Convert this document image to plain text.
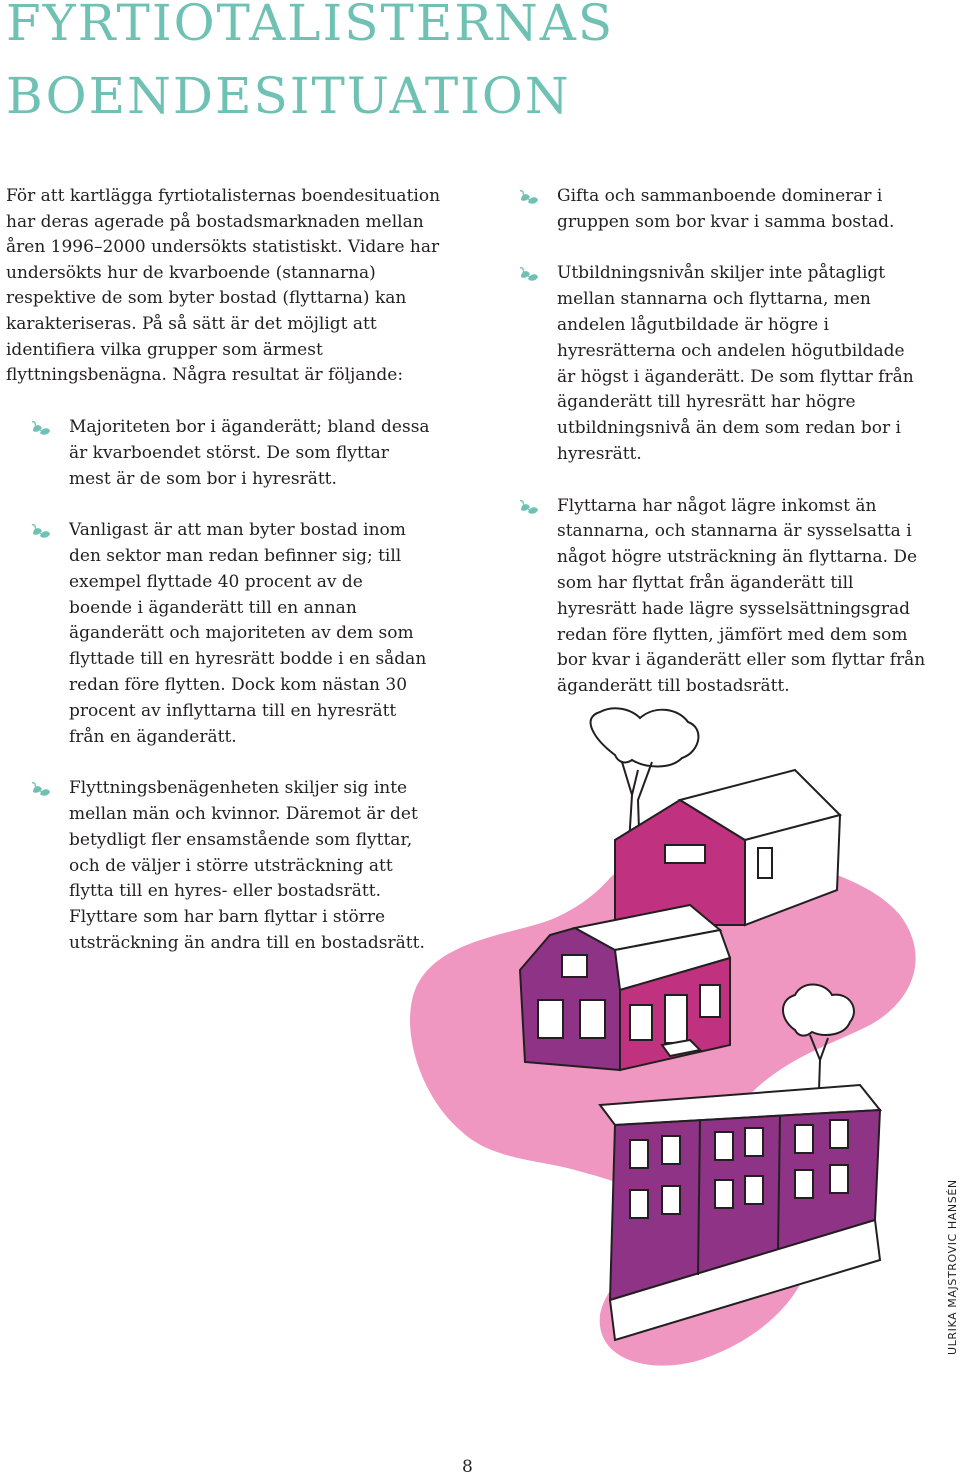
FYRTIOTALISTERNAS
BOENDESITUATION

För att kartlägga fyrtiotalisternas boendesituation har deras agerade på bostadsmarknaden mellan åren 1996–2000 undersökts statistiskt. Vidare har undersökts hur de kvarboende (stannarna) respektive de som byter bostad (flyttarna) kan karakteriseras. På så sätt är det möjligt att identifiera vilka grupper som ärmest flyttningsbenägna. Några resultat är följande:

Majoriteten bor i äganderätt; bland dessa är kvarboendet störst. De som flyttar mest är de som bor i hyresrätt.
Vanligast är att man byter bostad inom den sektor man redan befinner sig; till exempel flyttade 40 procent av de boende i äganderätt till en annan äganderätt och majoriteten av dem som flyttade till en hyresrätt bodde i en sådan redan före flytten. Dock kom nästan 30 procent av inflyttarna till en hyresrätt från en äganderätt.
Flyttningsbenägenheten skiljer sig inte mellan män och kvinnor. Däremot är det betydligt fler ensamstående som flyttar, och de väljer i större utsträckning att flytta till en hyres- eller bostadsrätt. Flyttare som har barn flyttar i större utsträckning än andra till en bostadsrätt.
Gifta och sammanboende dominerar i gruppen som bor kvar i samma bostad.
Utbildningsnivån skiljer inte påtagligt mellan stannarna och flyttarna, men andelen lågutbildade är högre i hyresrätterna och andelen högutbildade är högst i äganderätt. De som flyttar från äganderätt till hyresrätt har högre utbildningsnivå än dem som redan bor i hyresrätt.
Flyttarna har något lägre inkomst än stannarna, och stannarna är sysselsatta i något högre utsträckning än flyttarna. De som har flyttat från äganderätt till hyresrätt hade lägre sysselsättningsgrad redan före flytten, jämfört med dem som bor kvar i äganderätt eller som flyttar från äganderätt till bostadsrätt.
ULRIKA MAJSTROVIC HANSÉN
8
